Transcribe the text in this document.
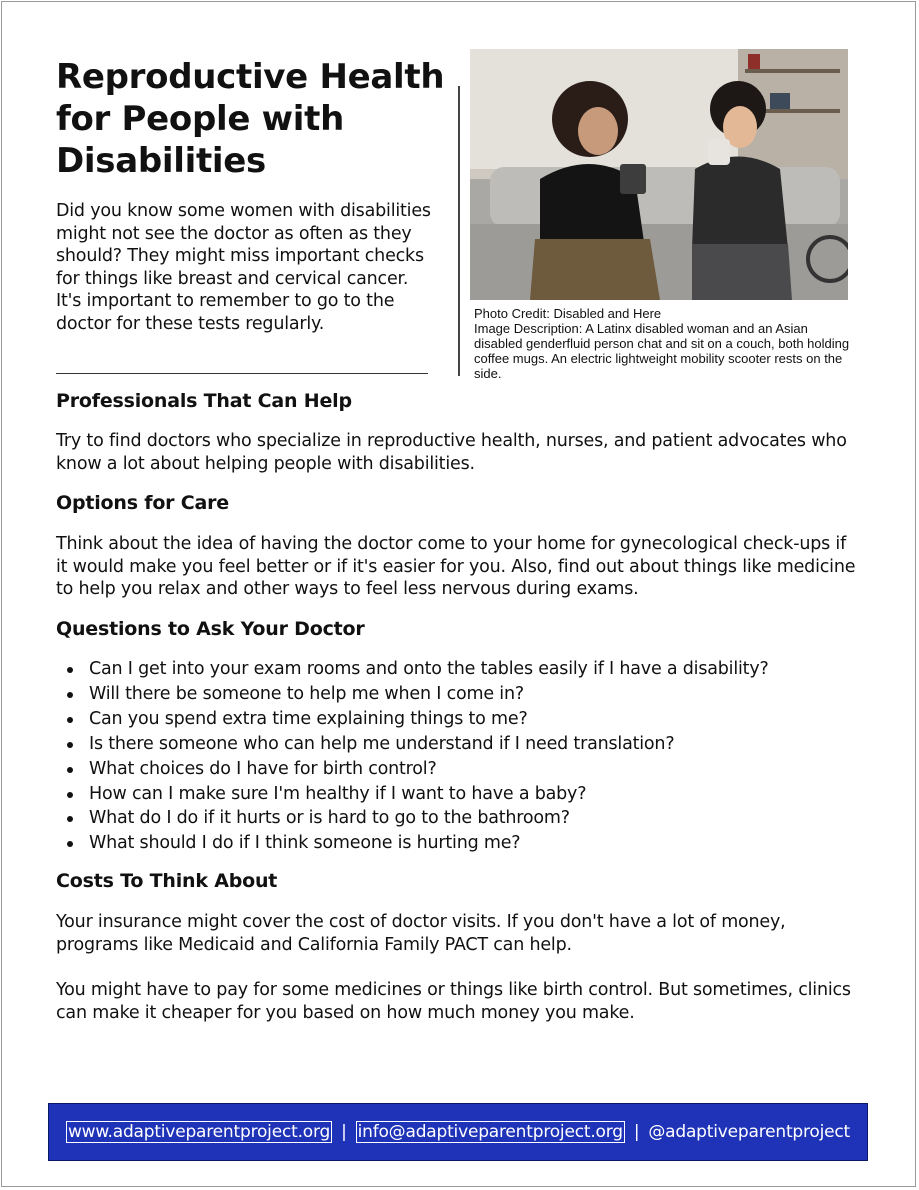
Reproductive Health for People with Disabilities

Did you know some women with disabilities might not see the doctor as often as they should? They might miss important checks for things like breast and cervical cancer. It's important to remember to go to the doctor for these tests regularly.	Photo Credit: Disabled and Here
Image Description: A Latinx disabled woman and an Asian disabled genderfluid person chat and sit on a couch, both holding coffee mugs. An electric lightweight mobility scooter rests on the side.
Professionals That Can Help

Try to find doctors who specialize in reproductive health, nurses, and patient advocates who know a lot about helping people with disabilities.

Options for Care

Think about the idea of having the doctor come to your home for gynecological check-ups if it would make you feel better or if it's easier for you. Also, find out about things like medicine to help you relax and other ways to feel less nervous during exams.

Questions to Ask Your Doctor
Can I get into your exam rooms and onto the tables easily if I have a disability?
Will there be someone to help me when I come in?
Can you spend extra time explaining things to me?
Is there someone who can help me understand if I need translation?
What choices do I have for birth control?
How can I make sure I'm healthy if I want to have a baby?
What do I do if it hurts or is hard to go to the bathroom?
What should I do if I think someone is hurting me?
Costs To Think About

Your insurance might cover the cost of doctor visits. If you don't have a lot of money, programs like Medicaid and California Family PACT can help.

You might have to pay for some medicines or things like birth control. But sometimes, clinics can make it cheaper for you based on how much money you make.

www.adaptiveparentproject.org | info@adaptiveparentproject.org | @adaptiveparentproject
